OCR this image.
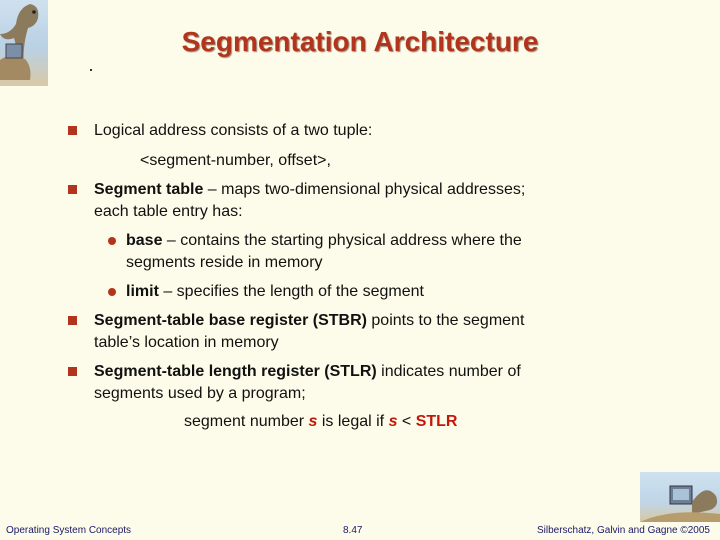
Segmentation Architecture
Logical address consists of a two tuple:
<segment-number, offset>,
Segment table – maps two-dimensional physical addresses;
each table entry has:
base – contains the starting physical address where the
segments reside in memory
limit – specifies the length of the segment
Segment-table base register (STBR) points to the segment
table’s location in memory
Segment-table length register (STLR) indicates number of
segments used by a program;
segment number s is legal if s < STLR
Operating System Concepts	8.47	Silberschatz, Galvin and Gagne ©2005
